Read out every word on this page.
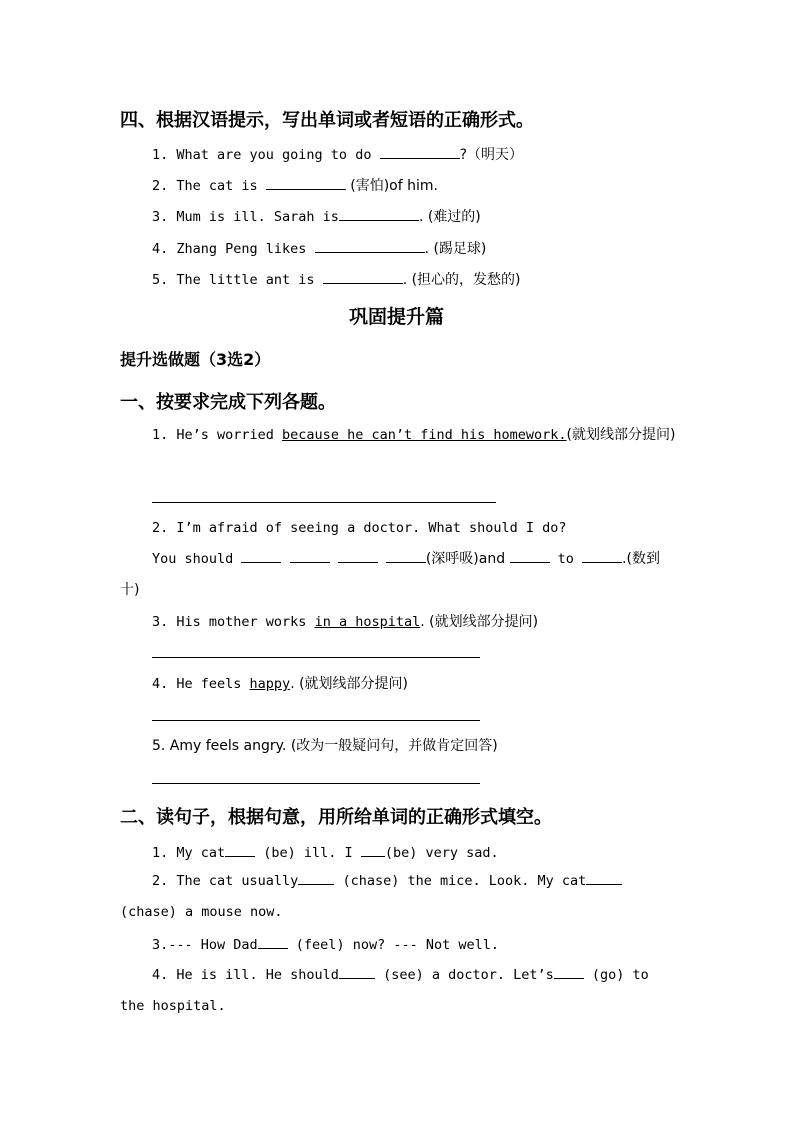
四、根据汉语提示，写出单词或者短语的正确形式。
1. What are you going to do	?（明天）
2. The cat is	(害怕)of him.
3. Mum is ill. Sarah is	. (难过的)
4. Zhang Peng likes	. (踢足球)
5. The little ant is	. (担心的，发愁的)
巩固提升篇
提升选做题（3选2）
一、按要求完成下列各题。
1. He’s worried because he can’t find his homework.(就划线部分提问)
2. I’m afraid of seeing a doctor. What should I do?
You should	(深呼吸)and	to	.(数到十)
3. His mother works in a hospital. (就划线部分提问)
4. He feels happy. (就划线部分提问)
5. Amy feels angry. (改为一般疑问句，并做肯定回答)
二、读句子，根据句意，用所给单词的正确形式填空。
1. My cat (be) ill. I (be) very sad.
2. The cat usually	(chase) the mice. Look. My cat (chase) a mouse now.
3.--- How Dad (feel) now? --- Not well.
4. He is ill. He should	(see) a doctor. Let’s (go) to the hospital.
